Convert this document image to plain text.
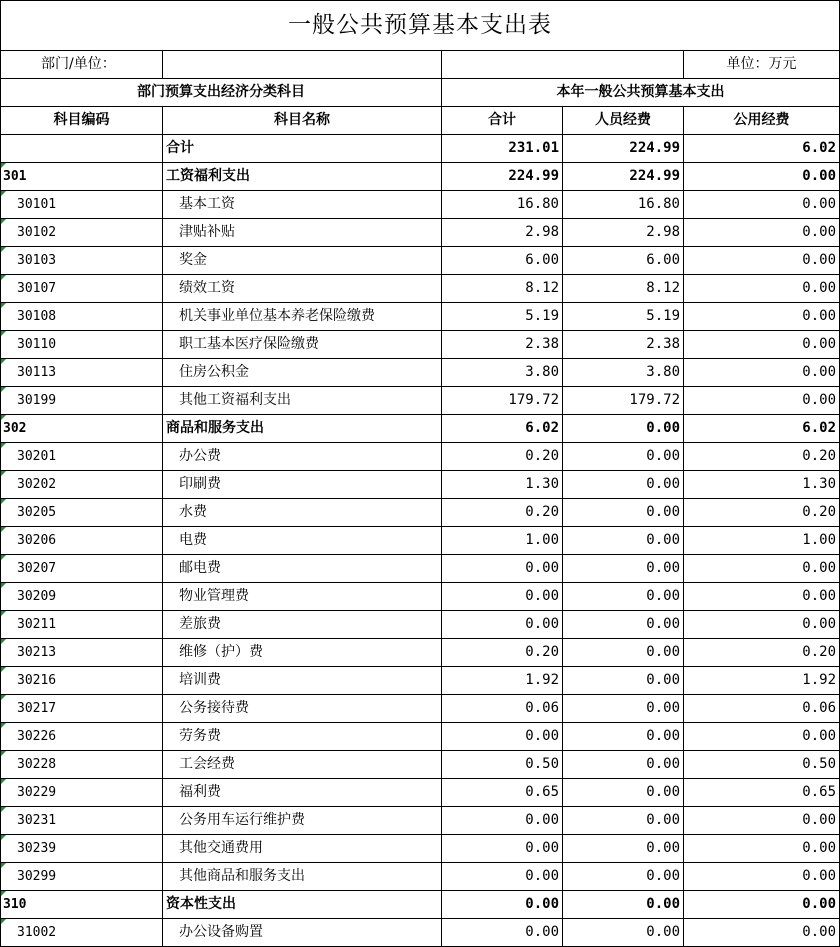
一般公共预算基本支出表				
部门/单位：				单位：万元
部门预算支出经济分类科目		本年一般公共预算基本支出		
科目编码	科目名称	合计	人员经费	公用经费
	合计	231.01	224.99	6.02
301	工资福利支出	224.99	224.99	0.00
30101	基本工资	16.80	16.80	0.00
30102	津贴补贴	2.98	2.98	0.00
30103	奖金	6.00	6.00	0.00
30107	绩效工资	8.12	8.12	0.00
30108	机关事业单位基本养老保险缴费	5.19	5.19	0.00
30110	职工基本医疗保险缴费	2.38	2.38	0.00
30113	住房公积金	3.80	3.80	0.00
30199	其他工资福利支出	179.72	179.72	0.00
302	商品和服务支出	6.02	0.00	6.02
30201	办公费	0.20	0.00	0.20
30202	印刷费	1.30	0.00	1.30
30205	水费	0.20	0.00	0.20
30206	电费	1.00	0.00	1.00
30207	邮电费	0.00	0.00	0.00
30209	物业管理费	0.00	0.00	0.00
30211	差旅费	0.00	0.00	0.00
30213	维修（护）费	0.20	0.00	0.20
30216	培训费	1.92	0.00	1.92
30217	公务接待费	0.06	0.00	0.06
30226	劳务费	0.00	0.00	0.00
30228	工会经费	0.50	0.00	0.50
30229	福利费	0.65	0.00	0.65
30231	公务用车运行维护费	0.00	0.00	0.00
30239	其他交通费用	0.00	0.00	0.00
30299	其他商品和服务支出	0.00	0.00	0.00
310	资本性支出	0.00	0.00	0.00
31002	办公设备购置	0.00	0.00	0.00
